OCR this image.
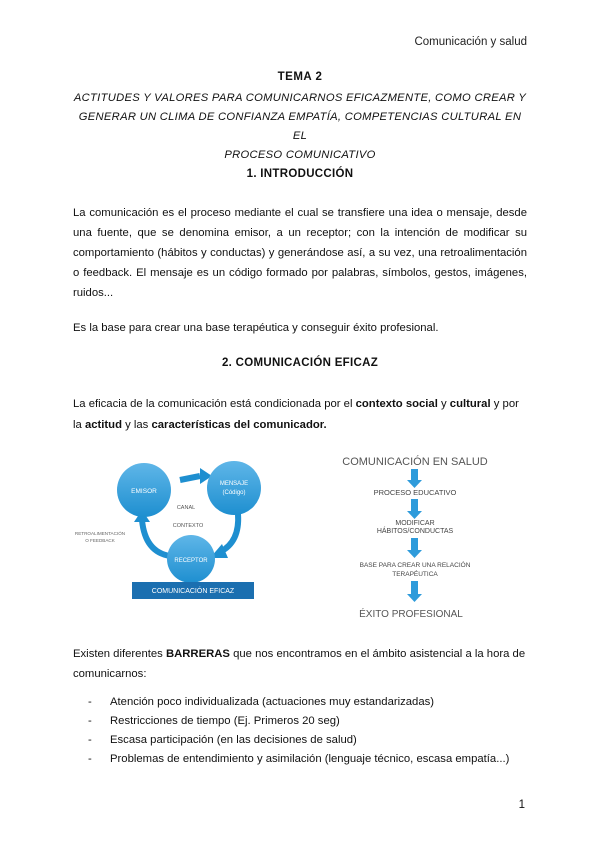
Comunicación y salud
TEMA 2
ACTITUDES Y VALORES PARA COMUNICARNOS EFICAZMENTE, COMO CREAR Y
GENERAR UN CLIMA DE CONFIANZA EMPATÍA, COMPETENCIAS CULTURAL EN EL
PROCESO COMUNICATIVO
1. INTRODUCCIÓN
La comunicación es el proceso mediante el cual se transfiere una idea o mensaje, desde una fuente, que se denomina emisor, a un receptor; con la intención de modificar su comportamiento (hábitos y conductas) y generándose así, a su vez, una retroalimentación o feedback. El mensaje es un código formado por palabras, símbolos, gestos, imágenes, ruidos...
Es la base para crear una base terapéutica y conseguir éxito profesional.
2. COMUNICACIÓN EFICAZ
La eficacia de la comunicación está condicionada por el contexto social y cultural y por la actitud y las características del comunicador.
EMISOR
MENSAJE
(Código)
RECEPTOR
CANAL
CONTEXTO
RETROALIMENTACIÓN
O FEEDBACK
COMUNICACIÓN EFICAZ
COMUNICACIÓN EN SALUD
PROCESO EDUCATIVO
MODIFICAR
HÁBITOS/CONDUCTAS
BASE PARA CREAR UNA RELACIÓN
TERAPÉUTICA
ÉXITO PROFESIONAL
Existen diferentes BARRERAS que nos encontramos en el ámbito asistencial a la hora de comunicarnos:
- Atención poco individualizada (actuaciones muy estandarizadas)
- Restricciones de tiempo (Ej. Primeros 20 seg)
- Escasa participación (en las decisiones de salud)
- Problemas de entendimiento y asimilación (lenguaje técnico, escasa empatía...)
1
